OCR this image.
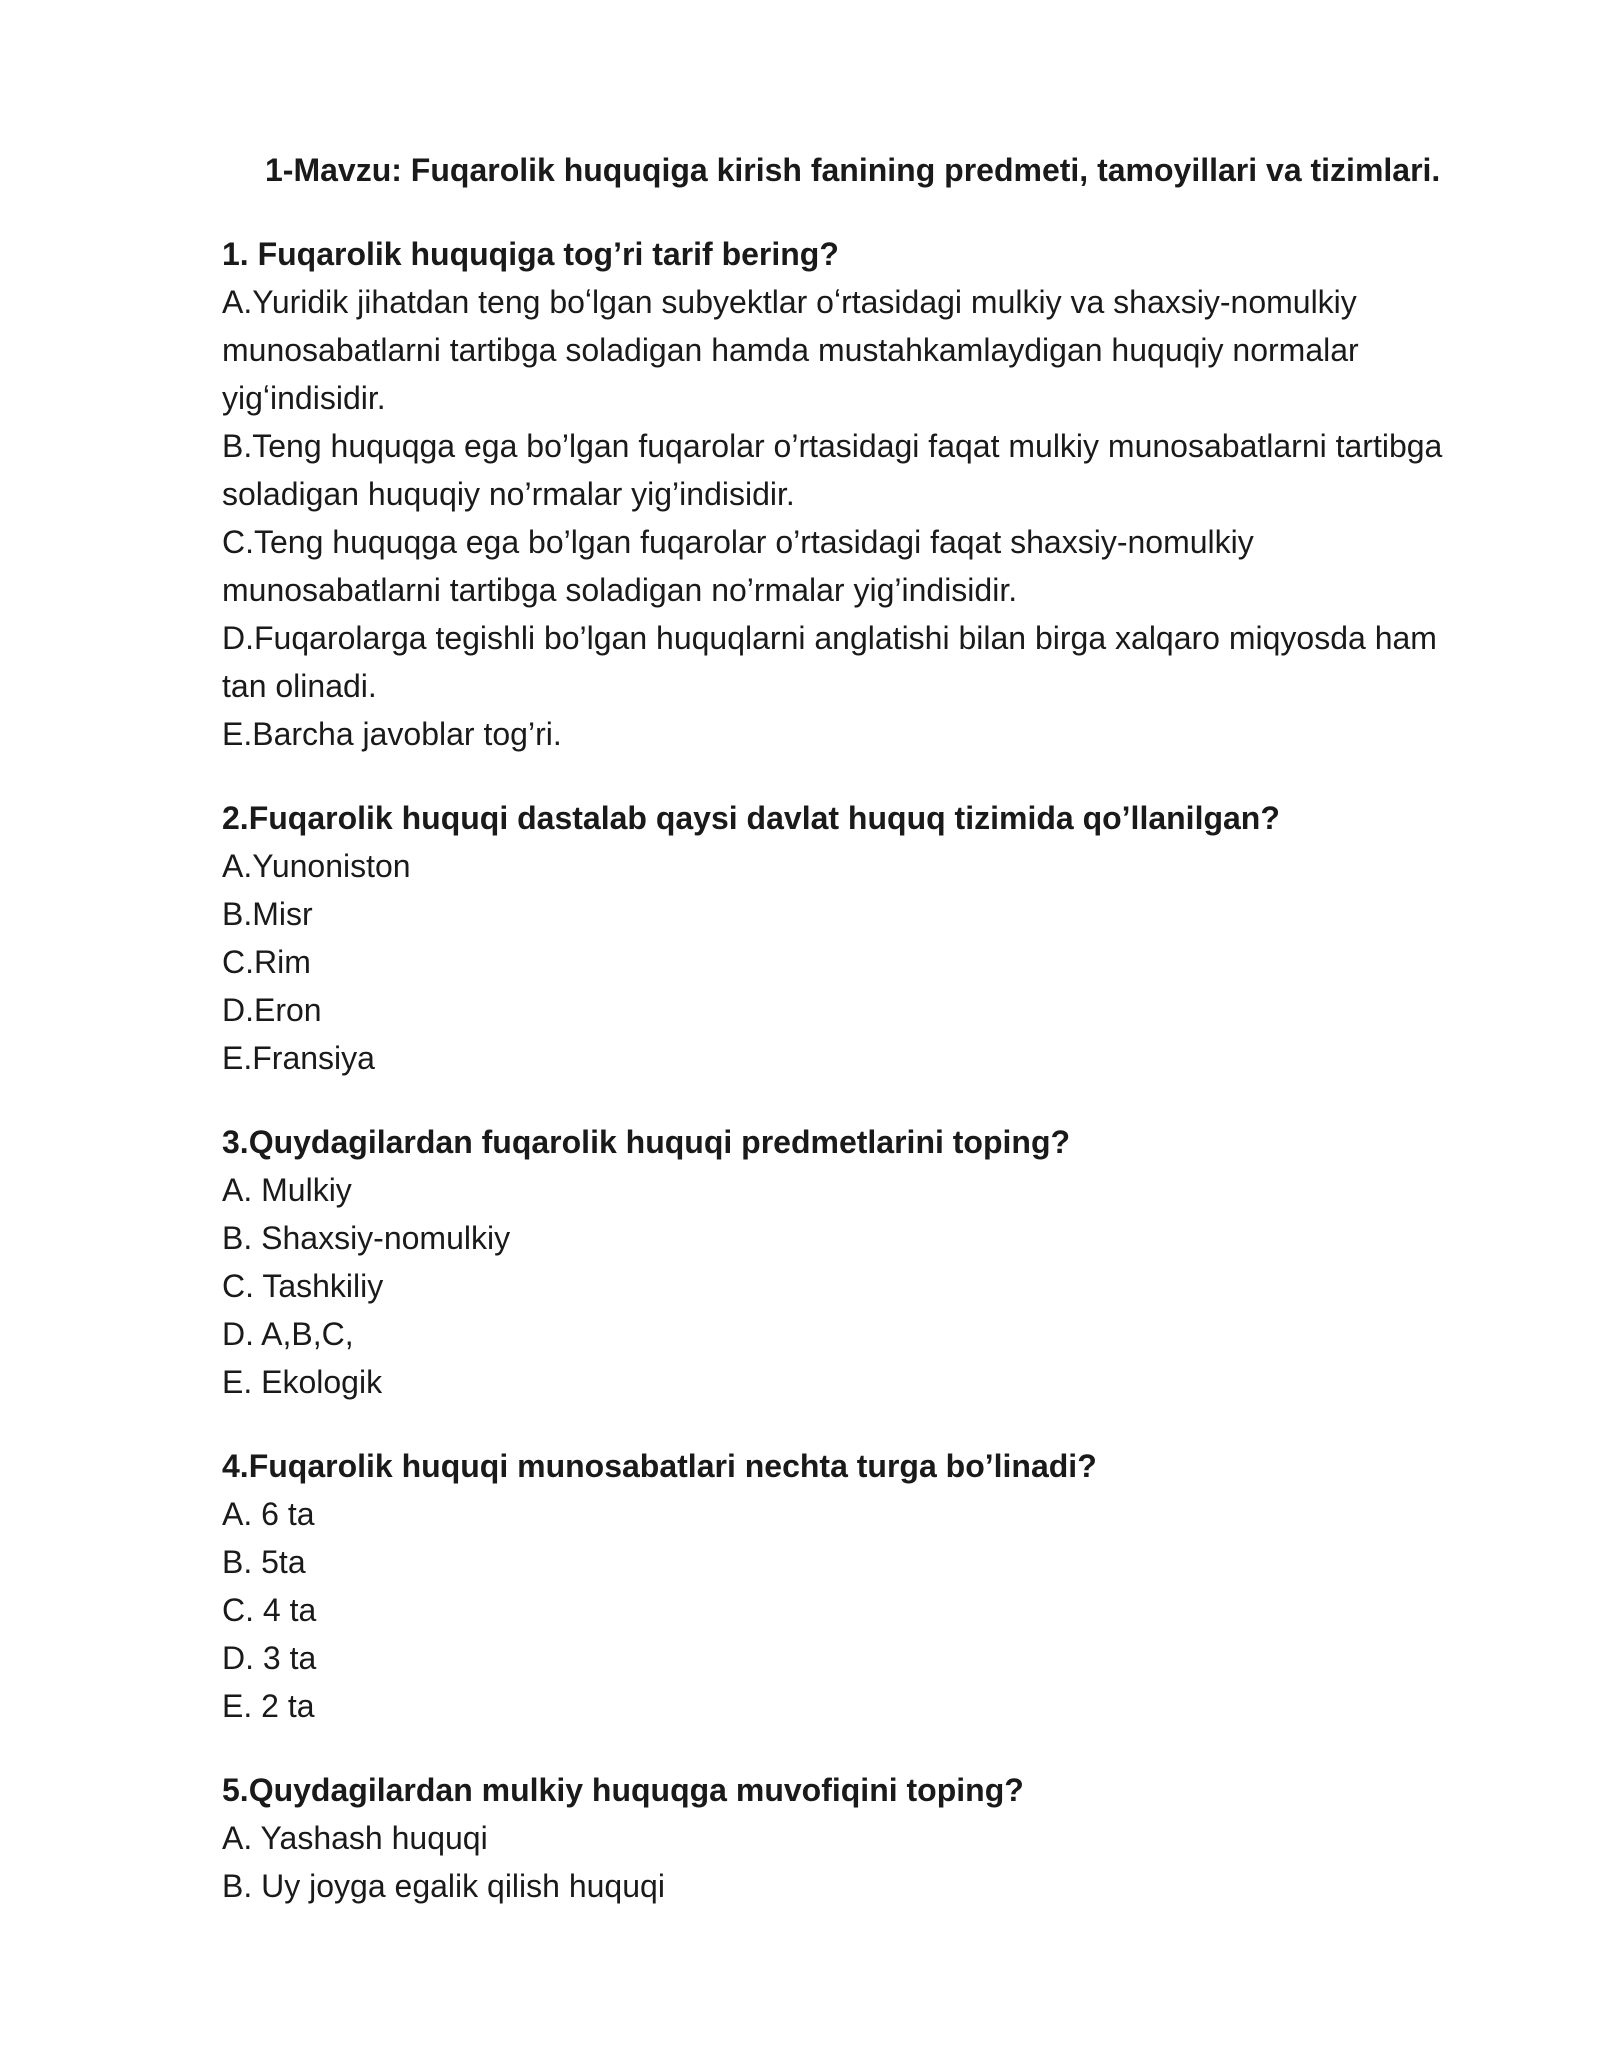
1-Mavzu: Fuqarolik huquqiga kirish fanining predmeti, tamoyillari va tizimlari.

1. Fuqarolik huquqiga tog’ri tarif bering?

A.Yuridik jihatdan teng boʻlgan subyektlar oʻrtasidagi mulkiy va shaxsiy-nomulkiy munosabatlarni tartibga soladigan hamda mustahkamlaydigan huquqiy normalar yigʻindisidir.

B.Teng huquqga ega bo’lgan fuqarolar o’rtasidagi faqat mulkiy munosabatlarni tartibga soladigan huquqiy no’rmalar yig’indisidir.

C.Teng huquqga ega bo’lgan fuqarolar o’rtasidagi faqat shaxsiy-nomulkiy munosabatlarni tartibga soladigan no’rmalar yig’indisidir.

D.Fuqarolarga tegishli bo’lgan huquqlarni anglatishi bilan birga xalqaro miqyosda ham tan olinadi.

E.Barcha javoblar tog’ri.

2.Fuqarolik huquqi dastalab qaysi davlat huquq tizimida qo’llanilgan?

A.Yunoniston

B.Misr

C.Rim

D.Eron

E.Fransiya

3.Quydagilardan fuqarolik huquqi predmetlarini toping?

A. Mulkiy

B. Shaxsiy-nomulkiy

C. Tashkiliy

D. A,B,C,

E. Ekologik

4.Fuqarolik huquqi munosabatlari nechta turga bo’linadi?

A. 6 ta

B. 5ta

C. 4 ta

D. 3 ta

E. 2 ta

5.Quydagilardan mulkiy huquqga muvofiqini toping?

A. Yashash huquqi

B. Uy joyga egalik qilish huquqi
